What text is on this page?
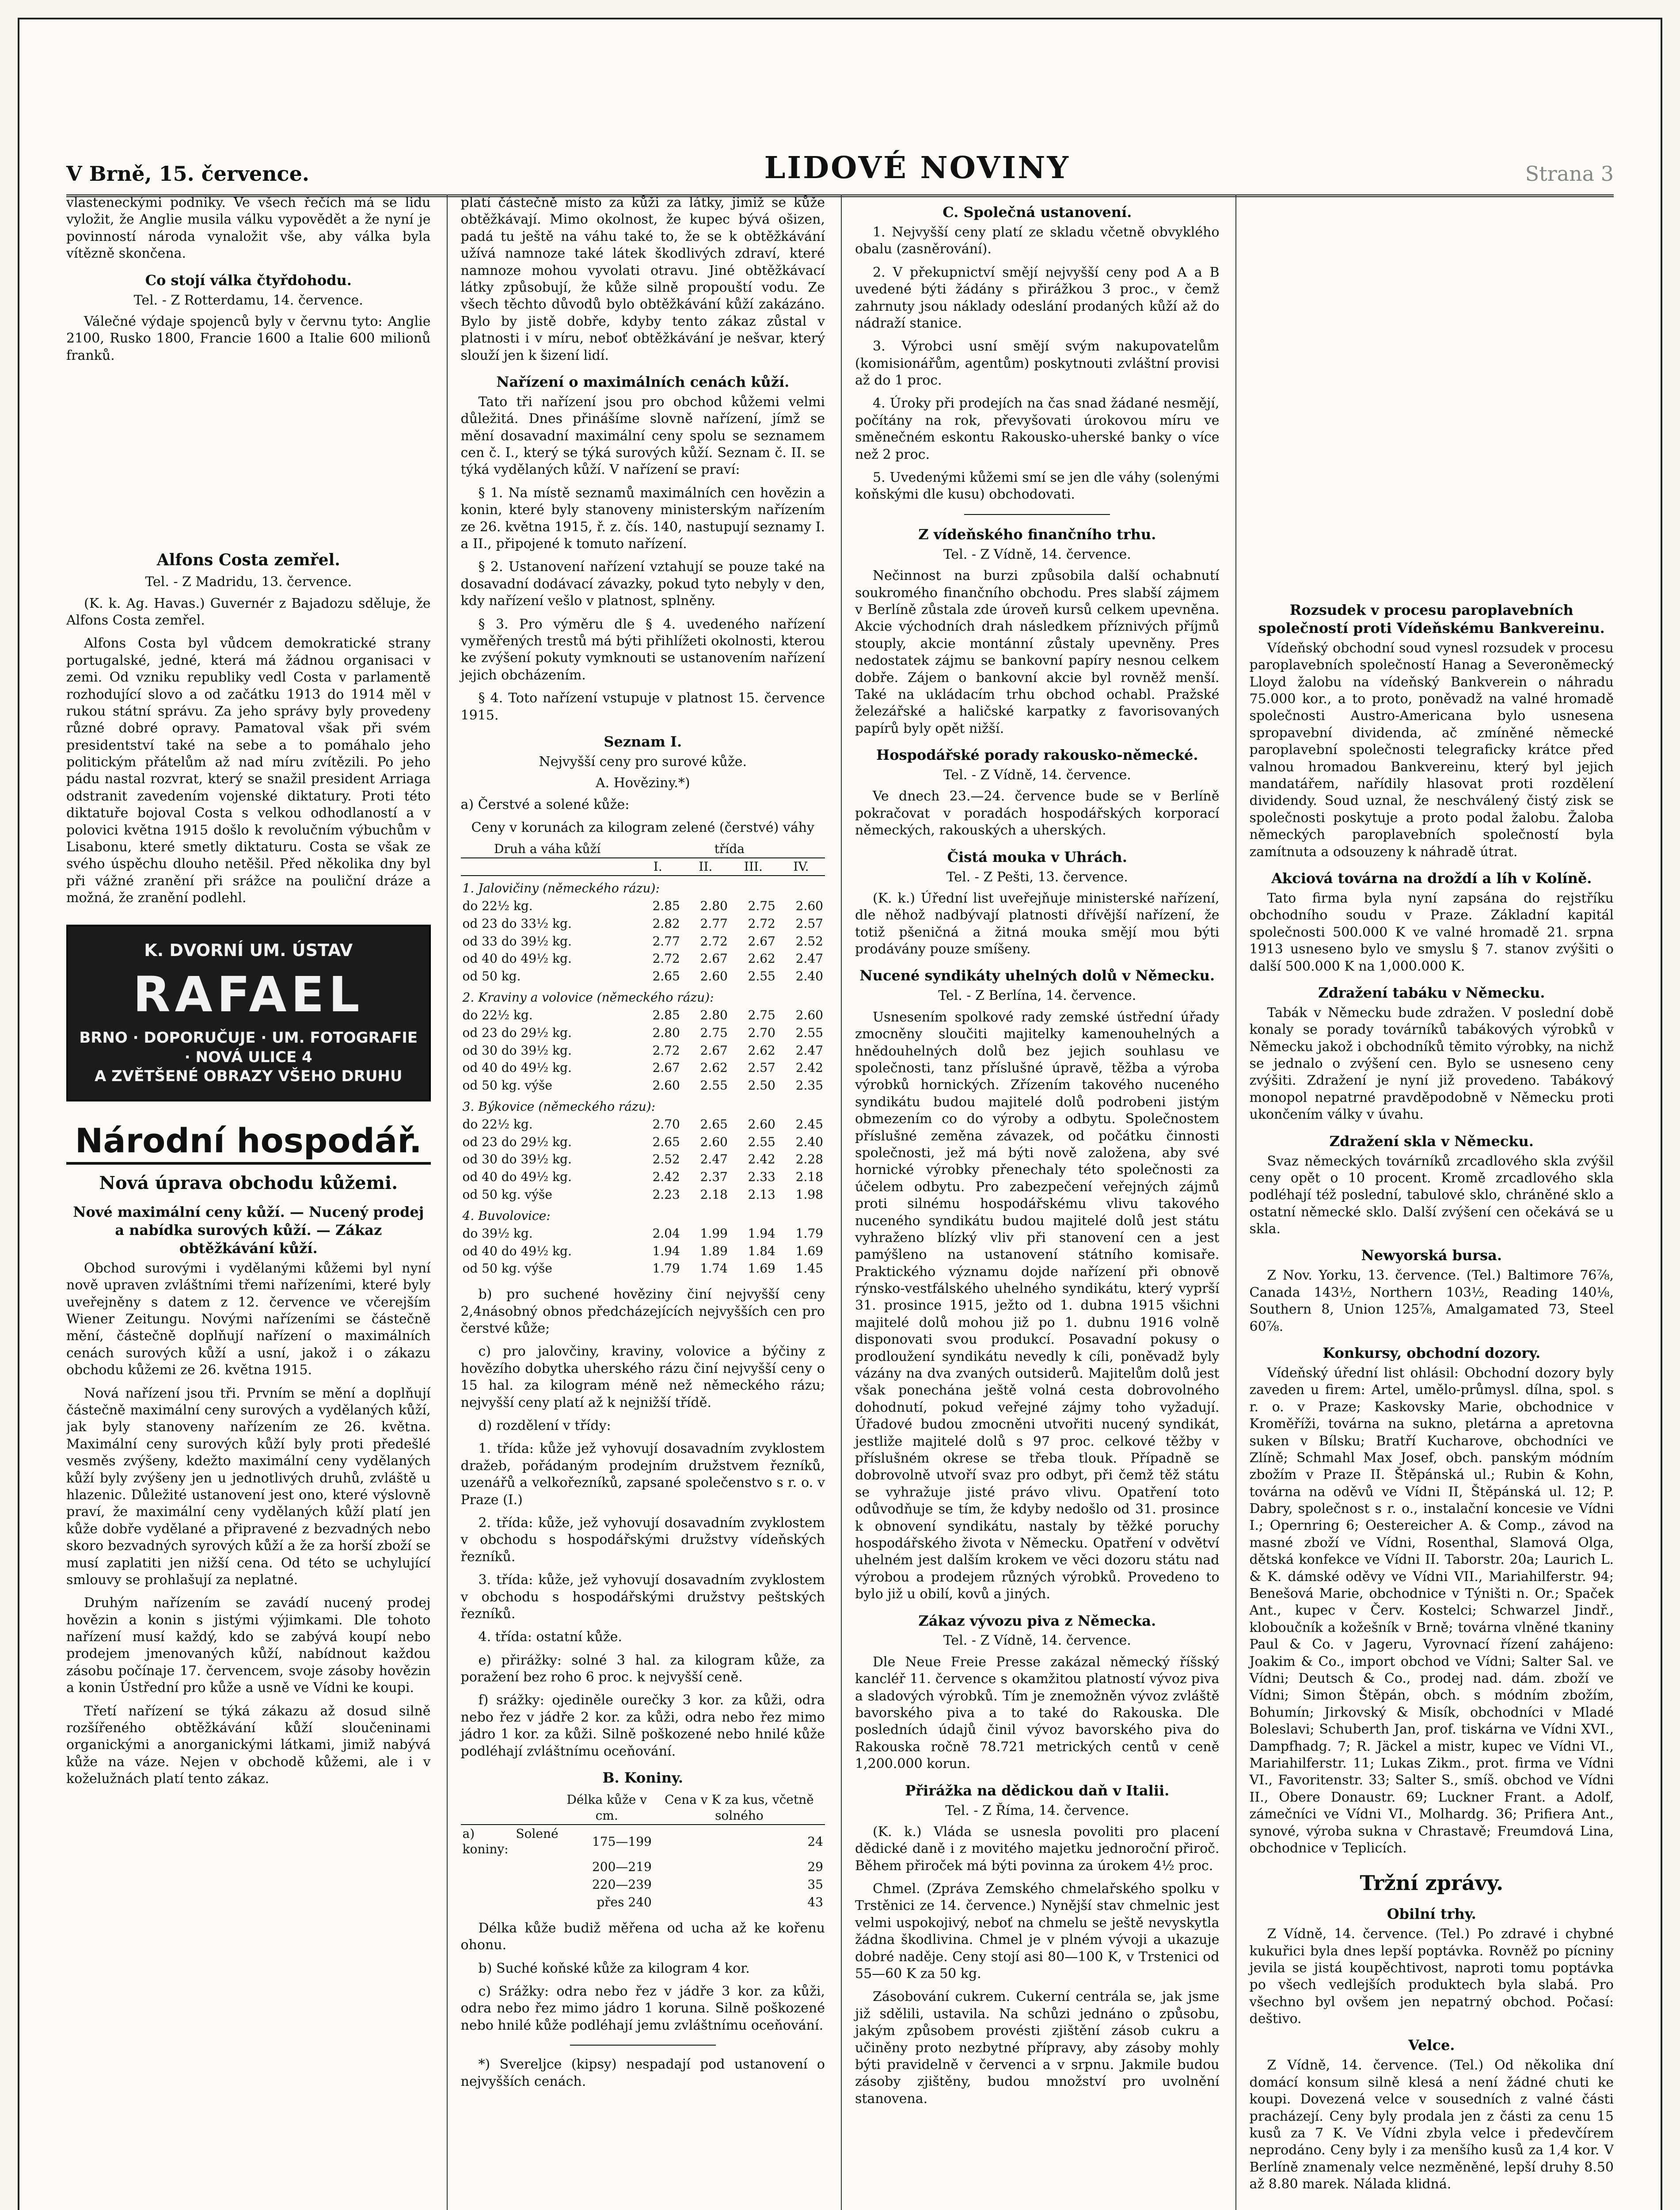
V Brně, 15. července.	LIDOVÉ NOVINY	Strana 3

vlasteneckými podniky. Ve všech řečích má se lidu vyložit, že Anglie musila válku vypovědět a že nyní je povinností národa vynaložit vše, aby válka byla vítězně skončena.

Co stojí válka čtyřdohodu.
Tel. - Z Rotterdamu, 14. července.

Válečné výdaje spojenců byly v červnu tyto: Anglie 2100, Rusko 1800, Francie 1600 a Italie 600 milionů franků.

Alfons Costa zemřel.
Tel. - Z Madridu, 13. července.

(K. k. Ag. Havas.) Guvernér z Bajadozu sděluje, že Alfons Costa zemřel.

Alfons Costa byl vůdcem demokratické strany portugalské, jedné, která má žádnou organisaci v zemi. Od vzniku republiky vedl Costa v parlamentě rozhodující slovo a od začátku 1913 do 1914 měl v rukou státní správu. Za jeho správy byly provedeny různé dobré opravy. Pamatoval však při svém presidentství také na sebe a to pomáhalo jeho politickým přátelům až nad míru zvítězili. Po jeho pádu nastal rozvrat, který se snažil president Arriaga odstranit zavedením vojenské diktatury. Proti této diktatuře bojoval Costa s velkou odhodlaností a v polovici května 1915 došlo k revolučním výbuchům v Lisabonu, které smetly diktaturu. Costa se však ze svého úspěchu dlouho netěšil. Před několika dny byl při vážné zranění při srážce na pouliční dráze a možná, že zranění podlehl.

K. DVORNÍ UM. ÚSTAV
RAFAEL
BRNO · DOPORUČUJE · UM. FOTOGRAFIE · NOVÁ ULICE 4
A ZVĚTŠENÉ OBRAZY VŠEHO DRUHU
Národní hospodář.
Nová úprava obchodu kůžemi.
Nové maximální ceny kůží. — Nucený prodej a nabídka surových kůží. — Zákaz obtěžkávání kůží.

Obchod surovými i vydělanými kůžemi byl nyní nově upraven zvláštními třemi nařízeními, které byly uveřejněny s datem z 12. července ve včerejším Wiener Zeitungu. Novými nařízeními se částečně mění, částečně doplňují nařízení o maximálních cenách surových kůží a usní, jakož i o zákazu obchodu kůžemi ze 26. května 1915.

Nová nařízení jsou tři. Prvním se mění a doplňují částečně maximální ceny surových a vydělaných kůží, jak byly stanoveny nařízením ze 26. května. Maximální ceny surových kůží byly proti předešlé vesměs zvýšeny, kdežto maximální ceny vydělaných kůží byly zvýšeny jen u jednotlivých druhů, zvláště u hlazenic. Důležité ustanovení jest ono, které výslovně praví, že maximální ceny vydělaných kůží platí jen kůže dobře vydělané a připravené z bezvadných nebo skoro bezvadných syrových kůží a že za horší zboží se musí zaplatiti jen nižší cena. Od této se uchylující smlouvy se prohlašují za neplatné.

Druhým nařízením se zavádí nucený prodej hovězin a konin s jistými výjimkami. Dle tohoto nařízení musí každý, kdo se zabývá koupí nebo prodejem jmenovaných kůží, nabídnout každou zásobu počínaje 17. červencem, svoje zásoby hovězin a konin Ústřední pro kůže a usně ve Vídni ke koupi.

Třetí nařízení se týká zákazu až dosud silně rozšířeného obtěžkávání kůží sloučeninami organickými a anorganickými látkami, jimiž nabývá kůže na váze. Nejen v obchodě kůžemi, ale i v koželužnách platí tento zákaz.

platí částečně místo za kůži za látky, jimiž se kůže obtěžkávají. Mimo okolnost, že kupec bývá ošizen, padá tu ještě na váhu také to, že se k obtěžkávání užívá namnoze také látek škodlivých zdraví, které namnoze mohou vyvolati otravu. Jiné obtěžkávací látky způsobují, že kůže silně propouští vodu. Ze všech těchto důvodů bylo obtěžkávání kůží zakázáno. Bylo by jistě dobře, kdyby tento zákaz zůstal v platnosti i v míru, neboť obtěžkávání je nešvar, který slouží jen k šizení lidí.

Nařízení o maximálních cenách kůží.

Tato tři nařízení jsou pro obchod kůžemi velmi důležitá. Dnes přinášíme slovně nařízení, jímž se mění dosavadní maximální ceny spolu se seznamem cen č. I., který se týká surových kůží. Seznam č. II. se týká vydělaných kůží. V nařízení se praví:

§ 1. Na místě seznamů maximálních cen hovězin a konin, které byly stanoveny ministerským nařízením ze 26. května 1915, ř. z. čís. 140, nastupují seznamy I. a II., připojené k tomuto nařízení.

§ 2. Ustanovení nařízení vztahují se pouze také na dosavadní dodávací závazky, pokud tyto nebyly v den, kdy nařízení vešlo v platnost, splněny.

§ 3. Pro výměru dle § 4. uvedeného nařízení vyměřených trestů má býti přihlížeti okolnosti, kterou ke zvýšení pokuty vymknouti se ustanovením nařízení jejich obcházením.

§ 4. Toto nařízení vstupuje v platnost 15. července 1915.

Seznam I.
Nejvyšší ceny pro surové kůže.
A. Hověziny.*)

a) Čerstvé a solené kůže:

Ceny v korunách za kilogram zelené (čerstvé) váhy
Druh a váha kůží	třída			
	I.	II.	III.	IV.
1. Jalovičiny (německého rázu):				
do 22½ kg.	2.85	2.80	2.75	2.60
od 23 do 33½ kg.	2.82	2.77	2.72	2.57
od 33 do 39½ kg.	2.77	2.72	2.67	2.52
od 40 do 49½ kg.	2.72	2.67	2.62	2.47
od 50 kg.	2.65	2.60	2.55	2.40
2. Kraviny a volovice (německého rázu):				
do 22½ kg.	2.85	2.80	2.75	2.60
od 23 do 29½ kg.	2.80	2.75	2.70	2.55
od 30 do 39½ kg.	2.72	2.67	2.62	2.47
od 40 do 49½ kg.	2.67	2.62	2.57	2.42
od 50 kg. výše	2.60	2.55	2.50	2.35
3. Býkovice (německého rázu):				
do 22½ kg.	2.70	2.65	2.60	2.45
od 23 do 29½ kg.	2.65	2.60	2.55	2.40
od 30 do 39½ kg.	2.52	2.47	2.42	2.28
od 40 do 49½ kg.	2.42	2.37	2.33	2.18
od 50 kg. výše	2.23	2.18	2.13	1.98
4. Buvolovice:				
do 39½ kg.	2.04	1.99	1.94	1.79
od 40 do 49½ kg.	1.94	1.89	1.84	1.69
od 50 kg. výše	1.79	1.74	1.69	1.45

b) pro suchené hověziny činí nejvyšší ceny 2,4násobný obnos předcházejících nejvyšších cen pro čerstvé kůže;

c) pro jalovčiny, kraviny, volovice a býčiny z hovězího dobytka uherského rázu činí nejvyšší ceny o 15 hal. za kilogram méně než německého rázu; nejvyšší ceny platí až k nejnižší třídě.

d) rozdělení v třídy:

1. třída: kůže jež vyhovují dosavadním zvyklostem dražeb, pořádaným prodejním družstvem řezníků, uzenářů a velkořezníků, zapsané společenstvo s r. o. v Praze (I.)

2. třída: kůže, jež vyhovují dosavadním zvyklostem v obchodu s hospodářskými družstvy vídeňských řezníků.

3. třída: kůže, jež vyhovují dosavadním zvyklostem v obchodu s hospodářskými družstvy peštských řezníků.

4. třída: ostatní kůže.

e) přirážky: solné 3 hal. za kilogram kůže, za poražení bez roho 6 proc. k nejvyšší ceně.

f) srážky: ojediněle ourečky 3 kor. za kůži, odra nebo řez v jádře 2 kor. za kůži, odra nebo řez mimo jádro 1 kor. za kůži. Silně poškozené nebo hnilé kůže podléhají zvláštnímu oceňování.

B. Koniny.
	Délka kůže v cm.	Cena v K za kus, včetně solného
a) Solené koniny:	175—199	24
	200—219	29
	220—239	35
	přes 240	43

Délka kůže budiž měřena od ucha až ke kořenu ohonu.

b) Suché koňské kůže za kilogram 4 kor.

c) Srážky: odra nebo řez v jádře 3 kor. za kůži, odra nebo řez mimo jádro 1 koruna. Silně poškozené nebo hnilé kůže podléhají jemu zvláštnímu oceňování.

*) Svereljce (kipsy) nespadají pod ustanovení o nejvyšších cenách.

C. Společná ustanovení.

1. Nejvyšší ceny platí ze skladu včetně obvyklého obalu (zasněrování).

2. V překupnictví smějí nejvyšší ceny pod A a B uvedené býti žádány s přirážkou 3 proc., v čemž zahrnuty jsou náklady odeslání prodaných kůží až do nádraží stanice.

3. Výrobci usní smějí svým nakupovatelům (komisionářům, agentům) poskytnouti zvláštní provisi až do 1 proc.

4. Úroky při prodejích na čas snad žádané nesmějí, počítány na rok, převyšovati úrokovou míru ve směnečném eskontu Rakousko-uherské banky o více než 2 proc.

5. Uvedenými kůžemi smí se jen dle váhy (solenými koňskými dle kusu) obchodovati.

Z vídeňského finančního trhu.
Tel. - Z Vídně, 14. července.

Nečinnost na burzi způsobila další ochabnutí soukromého finančního obchodu. Pres slabší zájmem v Berlíně zůstala zde úroveň kursů celkem upevněna. Akcie východních drah následkem příznivých příjmů stouply, akcie montánní zůstaly upevněny. Pres nedostatek zájmu se bankovní papíry nesnou celkem dobře. Zájem o bankovní akcie byl rovněž menší. Také na ukládacím trhu obchod ochabl. Pražské železářské a haličské karpatky z favorisovaných papírů byly opět nižší.

Hospodářské porady rakousko-německé.
Tel. - Z Vídně, 14. července.

Ve dnech 23.—24. července bude se v Berlíně pokračovat v poradách hospodářských korporací německých, rakouských a uherských.

Čistá mouka v Uhrách.
Tel. - Z Pešti, 13. července.

(K. k.) Úřední list uveřejňuje ministerské nařízení, dle něhož nadbývají platnosti dřívější nařízení, že totiž pšeničná a žitná mouka smějí mou býti prodávány pouze smíšeny.

Nucené syndikáty uhelných dolů v Německu.
Tel. - Z Berlína, 14. července.

Usnesením spolkové rady zemské ústřední úřady zmocněny sloučiti majitelky kamenouhelných a hnědouhelných dolů bez jejich souhlasu ve společnosti, tanz příslušné úpravě, těžba a výroba výrobků hornických. Zřízením takového nuceného syndikátu budou majitelé dolů podrobeni jistým obmezením co do výroby a odbytu. Společnostem příslušné zeměna závazek, od počátku činnosti společnosti, jež má býti nově založena, aby své hornické výrobky přenechaly této společnosti za účelem odbytu. Pro zabezpečení veřejných zájmů proti silnému hospodářskému vlivu takového nuceného syndikátu budou majitelé dolů jest státu vyhraženo blízký vliv při stanovení cen a jest pamýšleno na ustanovení státního komisaře. Praktického významu dojde nařízení při obnově rýnsko-vestfálského uhelného syndikátu, který vyprší 31. prosince 1915, ježto od 1. dubna 1915 všichni majitelé dolů mohou již po 1. dubnu 1916 volně disponovati svou produkcí. Posavadní pokusy o prodloužení syndikátu nevedly k cíli, poněvadž byly vázány na dva zvaných outsiderů. Majitelům dolů jest však ponechána ještě volná cesta dobrovolného dohodnutí, pokud veřejné zájmy toho vyžadují. Úřadové budou zmocněni utvořiti nucený syndikát, jestliže majitelé dolů s 97 proc. celkové těžby v příslušném okrese se třeba tlouk. Případně se dobrovolně utvoří svaz pro odbyt, při čemž těž státu se vyhražuje jisté právo vlivu. Opatření toto odůvodňuje se tím, že kdyby nedošlo od 31. prosince k obnovení syndikátu, nastaly by těžké poruchy hospodářského života v Německu. Opatření v odvětví uhelném jest dalším krokem ve věci dozoru státu nad výrobou a prodejem různých výrobků. Provedeno to bylo již u obilí, kovů a jiných.

Zákaz vývozu piva z Německa.
Tel. - Z Vídně, 14. července.

Dle Neue Freie Presse zakázal německý říšský kancléř 11. července s okamžitou platností vývoz piva a sladových výrobků. Tím je znemožněn vývoz zvláště bavorského piva a to také do Rakouska. Dle posledních údajů činil vývoz bavorského piva do Rakouska ročně 78.721 metrických centů v ceně 1,200.000 korun.

Přirážka na dědickou daň v Italii.
Tel. - Z Říma, 14. července.

(K. k.) Vláda se usnesla povoliti pro placení dědické daně i z movitého majetku jednoroční přiroč. Během přiroček má býti povinna za úrokem 4½ proc.

Chmel. (Zpráva Zemského chmelařského spolku v Trstěnici ze 14. července.) Nynější stav chmelnic jest velmi uspokojivý, neboť na chmelu se ještě nevyskytla žádna škodlivina. Chmel je v plném vývoji a ukazuje dobré naděje. Ceny stojí asi 80—100 K, v Trstenici od 55—60 K za 50 kg.

Zásobování cukrem. Cukerní centrála se, jak jsme již sdělili, ustavila. Na schůzi jednáno o způsobu, jakým způsobem provésti zjištění zásob cukru a učiněny proto nezbytné přípravy, aby zásoby mohly býti pravidelně v červenci a v srpnu. Jakmile budou zásoby zjištěny, budou množství pro uvolnění stanovena.

Rozsudek v procesu paroplavebních společností proti Vídeňskému Bankvereinu.

Vídeňský obchodní soud vynesl rozsudek v procesu paroplavebních společností Hanag a Severoněmecký Lloyd žalobu na vídeňský Bankverein o náhradu 75.000 kor., a to proto, poněvadž na valné hromadě společnosti Austro-Americana bylo usnesena spropavební dividenda, ač zmíněné německé paroplavební společnosti telegraficky krátce před valnou hromadou Bankvereinu, který byl jejich mandatářem, nařídily hlasovat proti rozdělení dividendy. Soud uznal, že neschválený čistý zisk se společnosti poskytuje a proto podal žalobu. Žaloba německých paroplavebních společností byla zamítnuta a odsouzeny k náhradě útrat.

Akciová továrna na droždí a líh v Kolíně.

Tato firma byla nyní zapsána do rejstříku obchodního soudu v Praze. Základní kapitál společnosti 500.000 K ve valné hromadě 21. srpna 1913 usneseno bylo ve smyslu § 7. stanov zvýšiti o další 500.000 K na 1,000.000 K.

Zdražení tabáku v Německu.

Tabák v Německu bude zdražen. V poslední době konaly se porady továrníků tabákových výrobků v Německu jakož i obchodníků těmito výrobky, na nichž se jednalo o zvýšení cen. Bylo se usneseno ceny zvýšiti. Zdražení je nyní již provedeno. Tabákový monopol nepatrné pravděpodobně v Německu proti ukončením války v úvahu.

Zdražení skla v Německu.

Svaz německých továrníků zrcadlového skla zvýšil ceny opět o 10 procent. Kromě zrcadlového skla podléhají též poslední, tabulové sklo, chráněné sklo a ostatní německé sklo. Další zvýšení cen očekává se u skla.

Newyorská bursa.

Z Nov. Yorku, 13. července. (Tel.) Baltimore 76⅞, Canada 143½, Northern 103½, Reading 140⅛, Southern 8, Union 125⅞, Amalgamated 73, Steel 60⅞.

Konkursy, obchodní dozory.

Vídeňský úřední list ohlásil: Obchodní dozory byly zaveden u firem: Artel, umělo-průmysl. dílna, spol. s r. o. v Praze; Kaskovsky Marie, obchodnice v Kroměříži, továrna na sukno, pletárna a apretovna suken v Bílsku; Bratří Kucharove, obchodníci ve Zlíně; Schmahl Max Josef, obch. panským módním zbožím v Praze II. Štěpánská ul.; Rubin & Kohn, továrna na oděvů ve Vídni II, Štěpánská ul. 12; P. Dabry, společnost s r. o., instalační koncesie ve Vídni I.; Opernring 6; Oestereicher A. & Comp., závod na masné zboží ve Vídni, Rosenthal, Slamová Olga, dětská konfekce ve Vídni II. Taborstr. 20a; Laurich L. & K. dámské oděvy ve Vídni VII., Mariahilferstr. 94; Benešová Marie, obchodnice v Týništi n. Or.; Spaček Ant., kupec v Červ. Kostelci; Schwarzel Jindř., kloboučník a kožešník v Brně; továrna vlněné tkaniny Paul & Co. v Jageru, Vyrovnací řízení zahájeno: Joakim & Co., import obchod ve Vídni; Salter Sal. ve Vídni; Deutsch & Co., prodej nad. dám. zboží ve Vídni; Simon Štěpán, obch. s módním zbožím, Bohumín; Jirkovský & Misík, obchodníci v Mladé Boleslavi; Schuberth Jan, prof. tiskárna ve Vídni XVI., Dampfhadg. 7; R. Jäckel a mistr, kupec ve Vídni VI., Mariahilferstr. 11; Lukas Zikm., prot. firma ve Vídni VI., Favoritenstr. 33; Salter S., smíš. obchod ve Vídni II., Obere Donaustr. 69; Luckner Frant. a Adolf, zámečníci ve Vídni VI., Molhardg. 36; Prifiera Ant., synové, výroba sukna v Chrastavě; Freumdová Lina, obchodnice v Teplicích.

Tržní zprávy.
Obilní trhy.

Z Vídně, 14. července. (Tel.) Po zdravé i chybné kukuřici byla dnes lepší poptávka. Rovněž po pícniny jevila se jistá koupěchtivost, naproti tomu poptávka po všech vedlejších produktech byla slabá. Pro všechno byl ovšem jen nepatrný obchod. Počasí: deštivo.

Velce.

Z Vídně, 14. července. (Tel.) Od několika dní domácí konsum silně klesá a není žádné chuti ke koupi. Dovezená velce v sousedních z valné části pracházejí. Ceny byly prodala jen z části za cenu 15 kusů za 7 K. Ve Vídni zbyla velce i předevčírem neprodáno. Ceny byly i za menšího kusů za 1,4 kor. V Berlíně znamenaly velce nezměněné, lepší druhy 8.50 až 8.80 marek. Nálada klidná.
